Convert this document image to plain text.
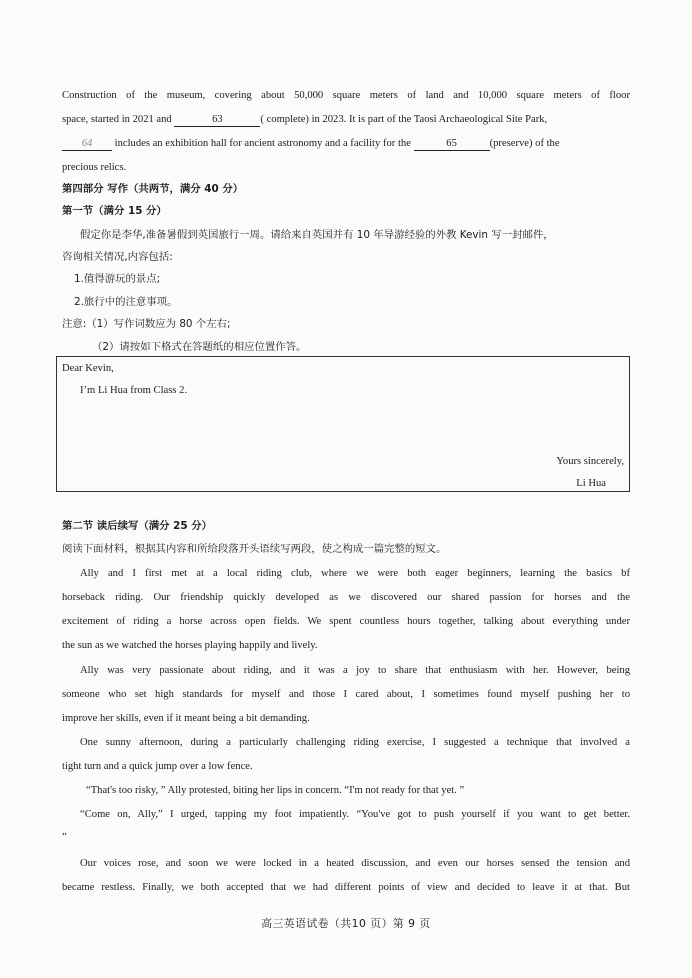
Construction of the museum, covering about 50,000 square meters of land and 10,000 square meters of floor
space, started in 2021 and	63	( complete) in 2023. It is part of the Taosi Archaeological Site Park,
64 includes an exhibition hall for ancient astronomy and a facility for the	65	(preserve) of the
precious relics.
第四部分 写作（共两节，满分 40 分）
第一节（满分 15 分）
假定你是李华,准备暑假到英国旅行一周。请给来自英国并有 10 年导游经验的外教 Kevin 写一封邮件，
咨询相关情况,内容包括:
1.值得游玩的景点;
2.旅行中的注意事项。
注意:（1）写作词数应为 80 个左右;
（2）请按如下格式在答题纸的相应位置作答。
Dear Kevin,
I’m Li Hua from Class 2.
Yours sincerely,
Li Hua
第二节 读后续写（满分 25 分）
阅读下面材料，根据其内容和所给段落开头语续写两段，使之构成一篇完整的短文。
Ally and I first met at a local riding club, where we were both eager beginners, learning the basics bf
horseback riding. Our friendship quickly developed as we discovered our shared passion for horses and the
excitement of riding a horse across open fields. We spent countless hours together, talking about everything under
the sun as we watched the horses playing happily and lively.
Ally was very passionate about riding, and it was a joy to share that enthusiasm with her. However, being
someone who set high standards for myself and those I cared about, I sometimes found myself pushing her to
improve her skills, even if it meant being a bit demanding.
One sunny afternoon, during a particularly challenging riding exercise, I suggested a technique that involved a
tight turn and a quick jump over a low fence.
“That's too risky, ” Ally protested, biting her lips in concern. “I'm not ready for that yet. ”
“Come on, Ally,” I urged, tapping my foot impatiently. “You've got to push yourself if you want to get better.
”
Our voices rose, and soon we were locked in a heated discussion, and even our horses sensed the tension and
became restless. Finally, we both accepted that we had different points of view and decided to leave it at that. But
高三英语试卷（共10 页）第 9 页
